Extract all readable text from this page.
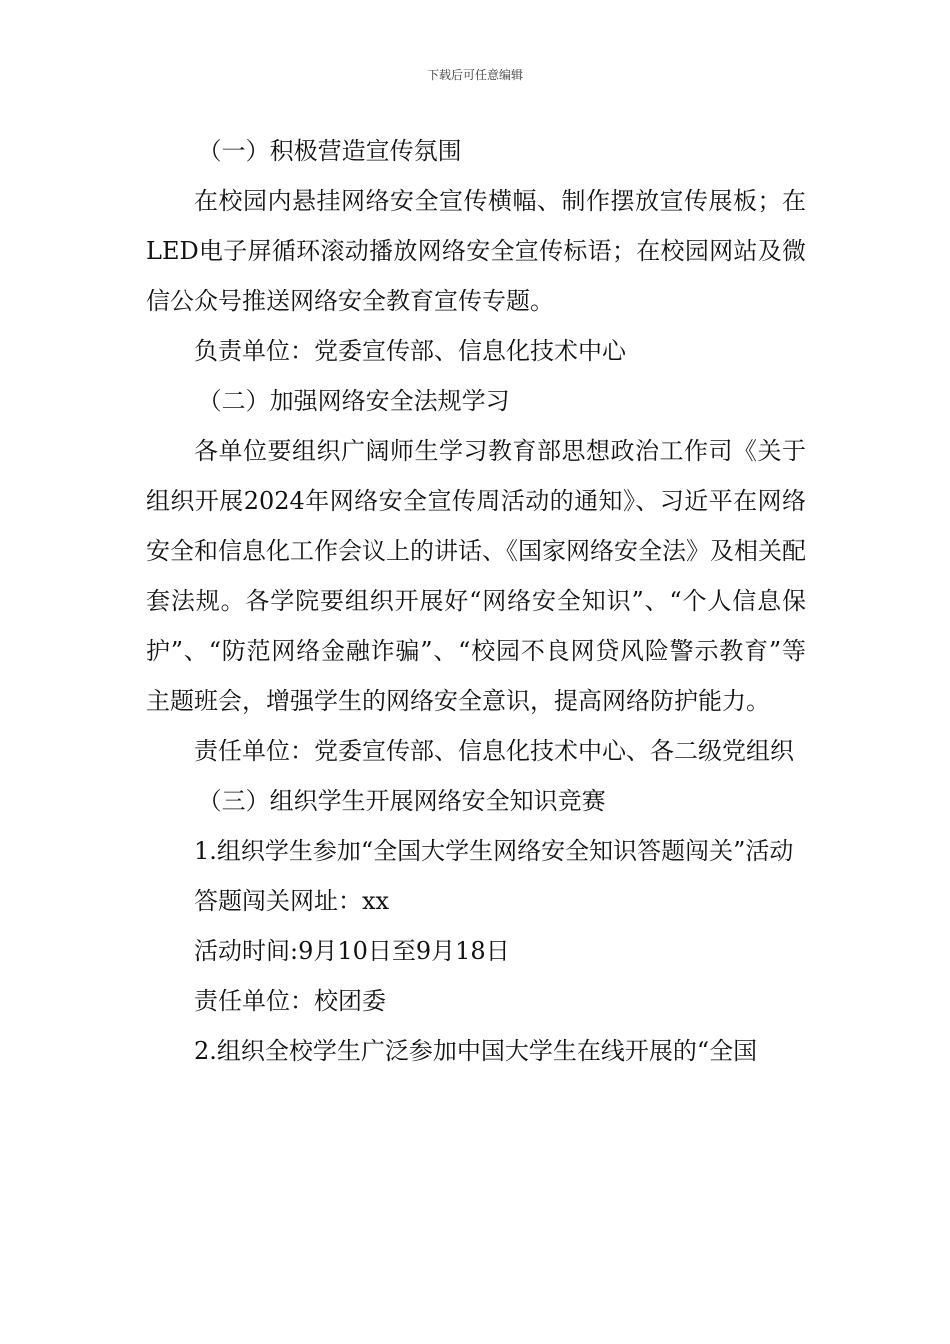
下载后可任意编辑

（一）积极营造宣传氛围

在校园内悬挂网络安全宣传横幅、制作摆放宣传展板；在LED电子屏循环滚动播放网络安全宣传标语；在校园网站及微信公众号推送网络安全教育宣传专题。

负责单位：党委宣传部、信息化技术中心

（二）加强网络安全法规学习

各单位要组织广阔师生学习教育部思想政治工作司《关于组织开展2024年网络安全宣传周活动的通知》、习近平在网络安全和信息化工作会议上的讲话、《国家网络安全法》及相关配套法规。各学院要组织开展好“网络安全知识”、“个人信息保护”、“防范网络金融诈骗”、“校园不良网贷风险警示教育”等主题班会，增强学生的网络安全意识，提高网络防护能力。

责任单位：党委宣传部、信息化技术中心、各二级党组织

（三）组织学生开展网络安全知识竞赛

1.组织学生参加“全国大学生网络安全知识答题闯关”活动

答题闯关网址：xx

活动时间:9月10日至9月18日

责任单位：校团委

2.组织全校学生广泛参加中国大学生在线开展的“全国
